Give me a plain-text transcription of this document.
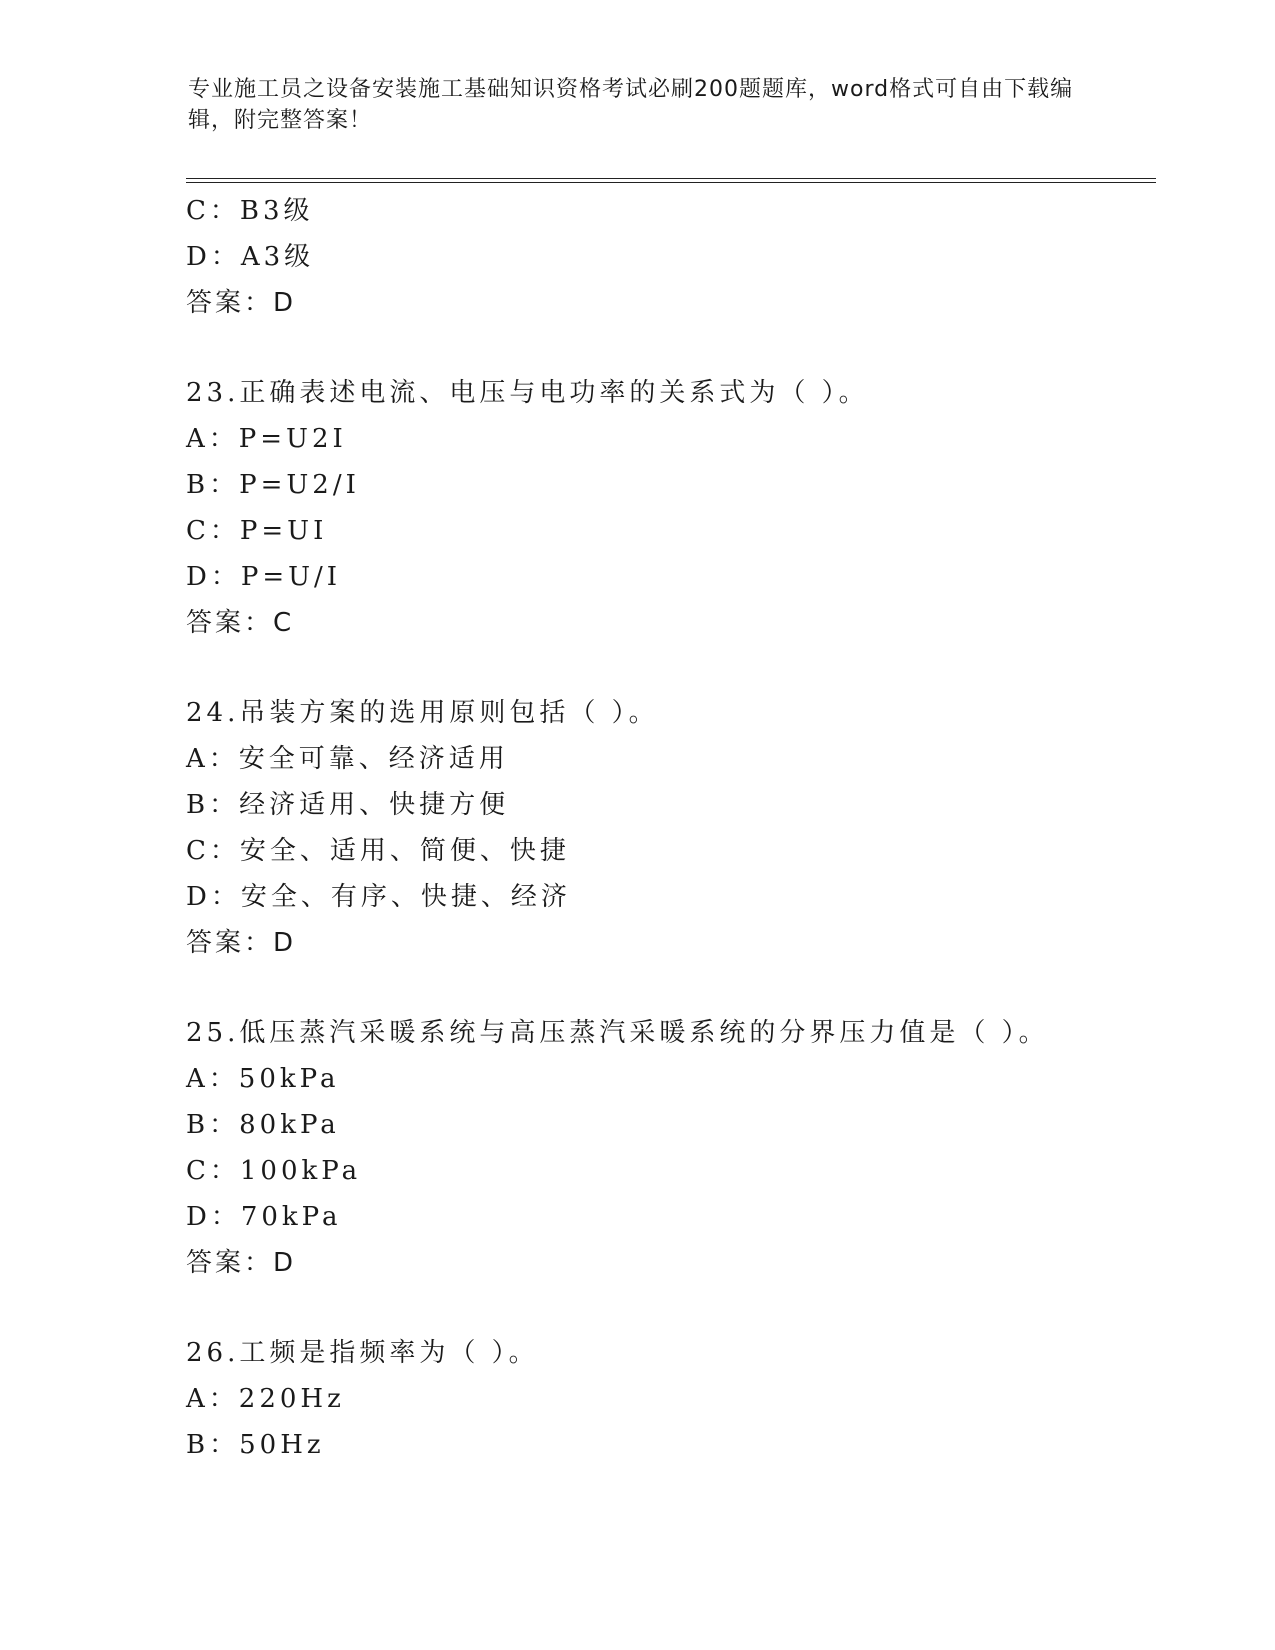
专业施工员之设备安装施工基础知识资格考试必刷200题题库，word格式可自由下载编辑，附完整答案！
C：B3级
D：A3级
答案：D
23.正确表述电流、电压与电功率的关系式为（ ）。
A：P=U2I
B：P=U2/I
C：P=UI
D：P=U/I
答案：C
24.吊装方案的选用原则包括（ ）。
A：安全可靠、经济适用
B：经济适用、快捷方便
C：安全、适用、简便、快捷
D：安全、有序、快捷、经济
答案：D
25.低压蒸汽采暖系统与高压蒸汽采暖系统的分界压力值是（ ）。
A：50kPa
B：80kPa
C：100kPa
D：70kPa
答案：D
26.工频是指频率为（ ）。
A：220Hz
B：50Hz
